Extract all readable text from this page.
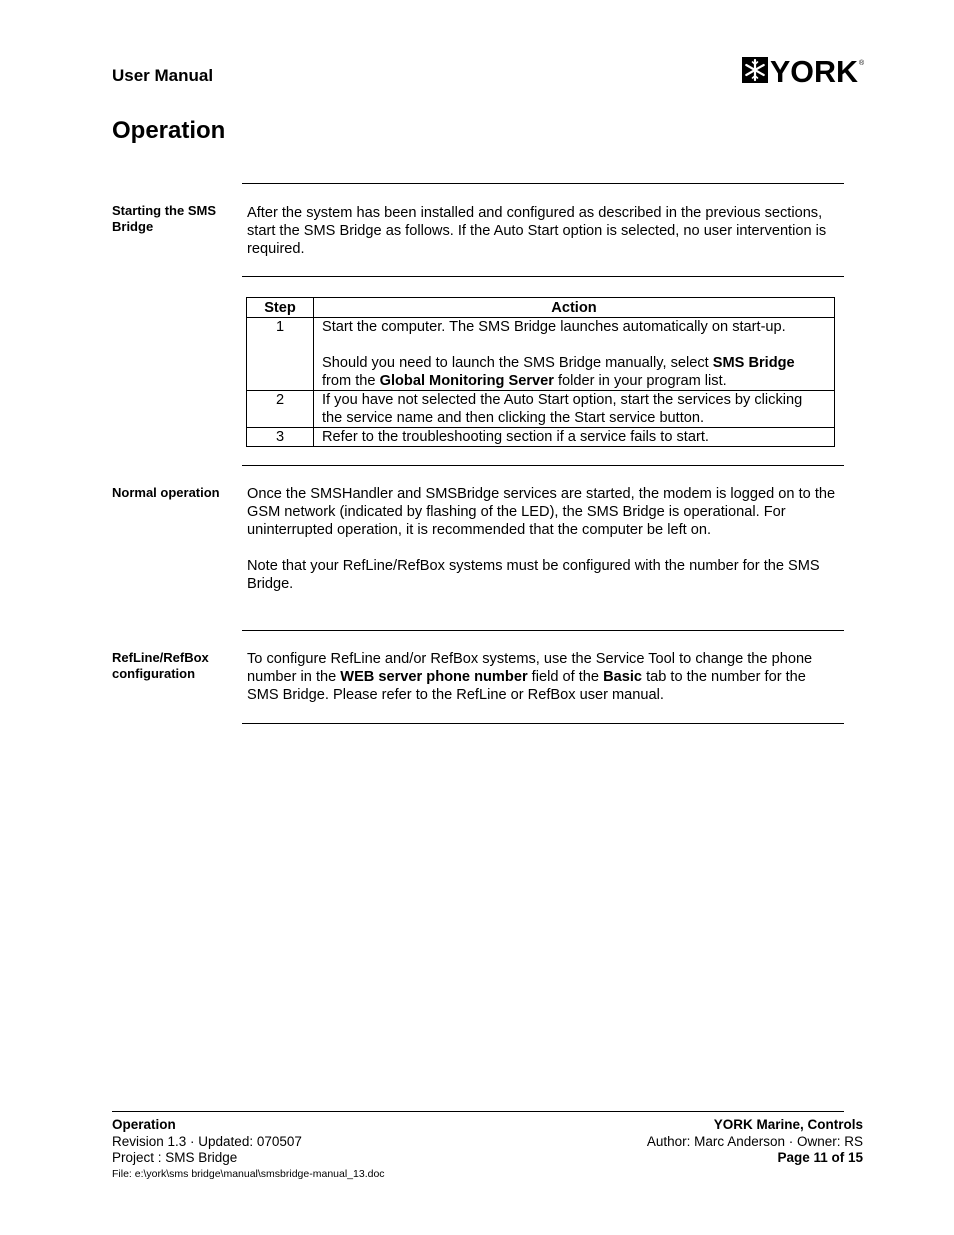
User Manual	YORK ®
Operation
Starting the SMS Bridge

After the system has been installed and configured as described in the previous sections, start the SMS Bridge as follows. If the Auto Start option is selected, no user intervention is required.

Step	Action
1	Start the computer. The SMS Bridge launches automatically on start-up.

Should you need to launch the SMS Bridge manually, select SMS Bridge from the Global Monitoring Server folder in your program list.

2	If you have not selected the Auto Start option, start the services by clicking the service name and then clicking the Start service button.
3	Refer to the troubleshooting section if a service fails to start.
Normal operation	Once the SMSHandler and SMSBridge services are started, the modem is logged on to the GSM network (indicated by flashing of the LED), the SMS Bridge is operational. For uninterrupted operation, it is recommended that the computer be left on.

Note that your RefLine/RefBox systems must be configured with the number for the SMS Bridge.

RefLine/RefBox configuration

To configure RefLine and/or RefBox systems, use the Service Tool to change the phone number in the WEB server phone number field of the Basic tab to the number for the SMS Bridge. Please refer to the RefLine or RefBox user manual.

Operation
Revision 1.3 · Updated: 070507
Project : SMS Bridge
File: e:\york\sms bridge\manual\smsbridge-manual_13.doc
YORK Marine, Controls
Author: Marc Anderson · Owner: RS
Page 11 of 15
